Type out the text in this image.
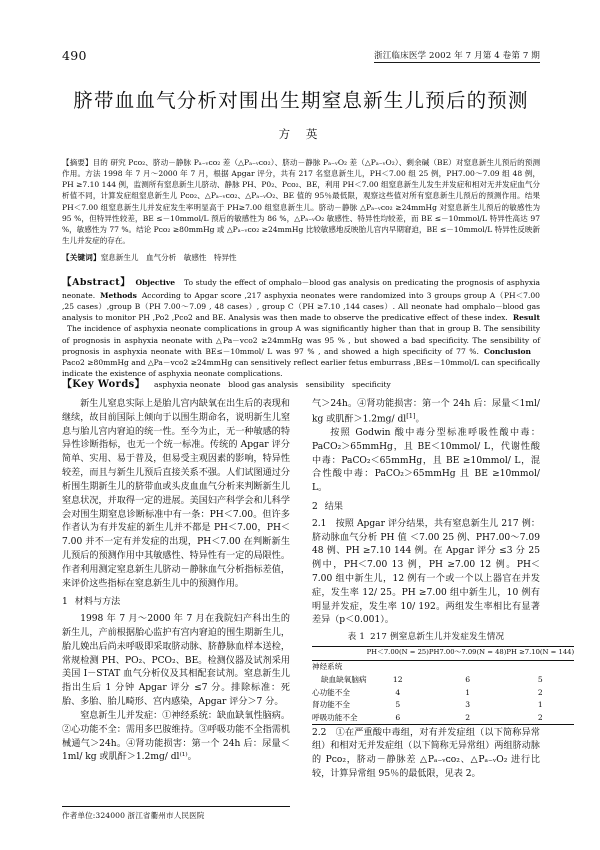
490	浙江临床医学 2002 年 7 月第 4 卷第 7 期
脐带血血气分析对围出生期窒息新生儿预后的预测
方 英
【摘要】目的 研究 Pᴄᴏ₂、脐动－静脉 Pₐ₋ᵥᴄᴏ₂ 差（△Pₐ₋ᵥᴄᴏ₂）、脐动－静脉 Pₐ₋ᵥO₂ 差（△Pₐ₋ᵥO₂）、剩余碱（BE）对窒息新生儿预后的预测作用。方法 1998 年 7 月～2000 年 7 月，根据 Apgar 评分，共有 217 名窒息新生儿，PH＜7.00 组 25 例，PH7.00～7.09 组 48 例，PH ≥7.10 144 例，监测所有窒息新生儿脐动、静脉 PH、P0₂、Pᴄᴏ₂、BE，利用 PH＜7.00 组窒息新生儿发生并发症和相对无并发症血气分析值不同，计算发症组窒息新生儿 Pᴄᴏ₂、△Pₐ₋ᵥᴄᴏ₂、△Pₐ₋ᵥO₂、BE 值的 95％最低限，观察这些值对所有窒息新生儿预后的预测作用。结果 PH＜7.00 组窒息新生儿并发症发生率明显高于 PH≥7.00 组窒息新生儿。脐动－静脉 △Pₐ₋ᵥᴄᴏ₂ ≥24mmHg 对窒息新生儿预后的敏感性为 95 %，但特异性较差，BE ≤－10mmol/L 预后的敏感性为 86 %，△Pₐ₋ᵥO₂ 敏感性、特异性均较差，而 BE ≤－10mmol/L 特异性高达 97 %，敏感性为 77 %。结论 Pᴄᴏ₂ ≥80mmHg 或 △Pₐ₋ᵥᴄᴏ₂ ≥24mmHg 比较敏感地反映胎儿宫内早期窘迫，BE ≤－10mmol/L 特异性反映新生儿并发症的存在。
【关键词】窒息新生儿　血气分析　敏感性　特异性
【Abstract】 Objective To study the effect of omphalo－blood gas analysis on predicating the prognosis of asphyxia neonate. Methods According to Apgar score ,217 asphyxia neonates were randomized into 3 groups group A（PH＜7.00 ,25 cases）,group B（PH 7.00～7.09 , 48 cases）, group C（PH ≥7.10 ,144 cases）. All neonate had omphalo－blood gas analysis to monitor PH ,Po2 ,Pco2 and BE. Analysis was then made to observe the predicative effect of these index. ResultThe incidence of asphyxia neonate complications in group A was significantly higher than that in group B. The sensibility of prognosis in asphyxia neonate with △Pa－vco2 ≥24mmHg was 95 % , but showed a bad specificity. The sensibility of prognosis in asphyxia neonate with BE≤－10mmol/ L was 97 % , and showed a high specificity of 77 %. ConclusionPaco2 ≥80mmHg and △Pa－vco2 ≥24mmHg can sensitively reflect earlier fetus emburrass ,BE≤－10mmol/L can specifically indicate the existence of asphyxia neonate complications.
【Key Words】 asphyxia neonate  blood gas analysis  sensibility  specificity

新生儿窒息实际上是胎儿宫内缺氧在出生后的表现和继续，故目前国际上倾向于以围生期命名，说明新生儿窒息与胎儿宫内窘迫的统一性。至今为止，无一种敏感的特异性诊断指标，也无一个统一标准。传统的 Apgar 评分简单、实用、易于普及，但易受主观因素的影响，特异性较差，而且与新生儿预后直接关系不强。人们试图通过分析围生期新生儿的脐带血或头皮血血气分析来判断新生儿窒息状况，并取得一定的进展。美国妇产科学会和儿科学会对围生期窒息诊断标准中有一条：PH＜7.00。但许多作者认为有并发症的新生儿并不都是 PH＜7.00，PH＜7.00 并不一定有并发症的出现，PH＜7.00 在判断新生儿预后的预测作用中其敏感性、特异性有一定的局限性。作者利用测定窒息新生儿脐动－静脉血气分析指标差值，来评价这些指标在窒息新生儿中的预测作用。

1 材料与方法

1998 年 7 月～2000 年 7 月在我院妇产科出生的新生儿，产前根据胎心监护有宫内窘迫的围生期新生儿，胎儿娩出后尚未呼吸即采取脐动脉、脐静脉血样本送检，常规检测 PH、PO₂、PCO₂、BE。检测仪器及试剂采用美国 I－STAT 血气分析仪及其相配套试剂。窒息新生儿指出生后 1 分钟 Apgar 评分 ≤7 分。排除标准：死胎、多胎、胎儿畸形、宫内感染，Apgar 评分＞7 分。

窒息新生儿并发症：①神经系统：缺血缺氧性脑病。②心功能不全：需用多巴胺维持。③呼吸功能不全指需机械通气＞24h。④肾功能损害：第一个 24h 后：尿量＜1ml/ kg 或肌酐＞1.2mg/ dl⁽¹⁾。

气＞24h。④肾功能损害：第一个 24h 后：尿量＜1ml/ kg 或肌酐＞1.2mg/ dl[1]。

按照 Godwin 酸中毒分型标准呼吸性酸中毒：PaCO₂＞65mmHg，且 BE＜10mmol/ L，代谢性酸中毒：PaCO₂＜65mmHg，且 BE ≥10mmol/ L，混合性酸中毒：PaCO₂＞65mmHg 且 BE ≥10mmol/ L。

2 结果

2.1 按照 Apgar 评分结果，共有窒息新生儿 217 例：脐动脉血气分析 PH 值 ＜7.00 25 例、PH7.00～7.09 48 例、PH ≥7.10 144 例。在 Apgar 评分 ≤3 分 25 例中，PH＜7.00 13 例，PH ≥7.00 12 例。PH＜7.00 组中新生儿，12 例有一个或一个以上器官在并发症，发生率 12/ 25。PH ≥7.00 组中新生儿，10 例有明显并发症，发生率 10/ 192。两组发生率相比有显著差异（p＜0.001）。

表 1 217 例窒息新生儿并发症发生情况
	PH＜7.00(N = 25)	PH7.00～7.09(N = 48)	PH ≥7.10(N = 144)
神经系统			
缺血缺氧脑病	12	6	5
心功能不全	4	1	2
肾功能不全	5	3	1
呼吸功能不全	6	2	2

2.2 ①在严重酸中毒组，对有并发症组（以下简称异常组）和相对无并发症组（以下简称无异常组）两组脐动脉的 Pᴄᴏ₂，脐动－静脉差 △Pₐ₋ᵥᴄᴏ₂、△Pₐ₋ᵥO₂ 进行比较，计算异常组 95％的最低限，见表 2。

作者单位:324000 浙江省衢州市人民医院
